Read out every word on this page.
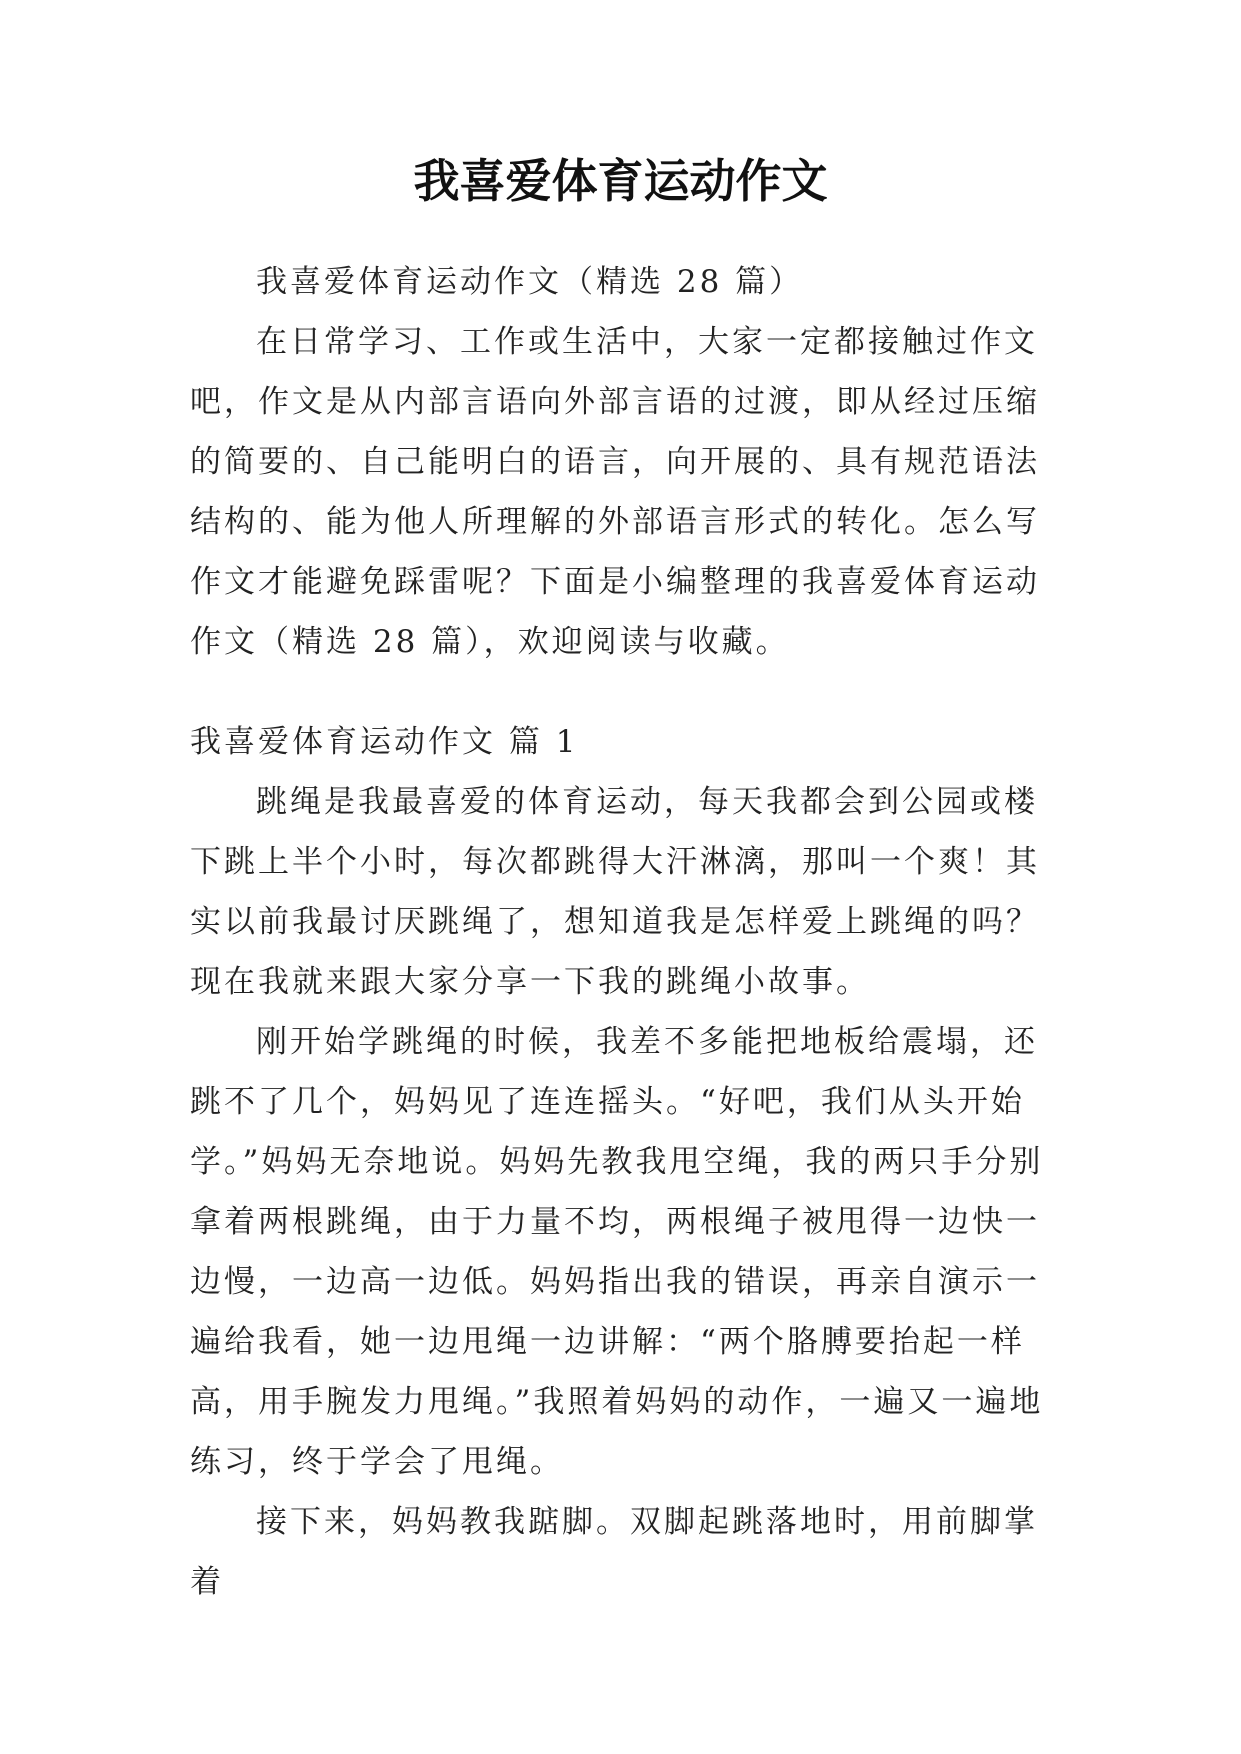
我喜爱体育运动作文

我喜爱体育运动作文（精选 28 篇）

在日常学习、工作或生活中，大家一定都接触过作文吧，作文是从内部言语向外部言语的过渡，即从经过压缩的简要的、自己能明白的语言，向开展的、具有规范语法结构的、能为他人所理解的外部语言形式的转化。怎么写作文才能避免踩雷呢？下面是小编整理的我喜爱体育运动作文（精选 28 篇），欢迎阅读与收藏。

我喜爱体育运动作文 篇 1

跳绳是我最喜爱的体育运动，每天我都会到公园或楼下跳上半个小时，每次都跳得大汗淋漓，那叫一个爽！其实以前我最讨厌跳绳了，想知道我是怎样爱上跳绳的吗？现在我就来跟大家分享一下我的跳绳小故事。

刚开始学跳绳的时候，我差不多能把地板给震塌，还跳不了几个，妈妈见了连连摇头。“好吧，我们从头开始学。”妈妈无奈地说。妈妈先教我甩空绳，我的两只手分别拿着两根跳绳，由于力量不均，两根绳子被甩得一边快一边慢，一边高一边低。妈妈指出我的错误，再亲自演示一遍给我看，她一边甩绳一边讲解：“两个胳膊要抬起一样高，用手腕发力甩绳。”我照着妈妈的动作，一遍又一遍地练习，终于学会了甩绳。

接下来，妈妈教我踮脚。双脚起跳落地时，用前脚掌着
